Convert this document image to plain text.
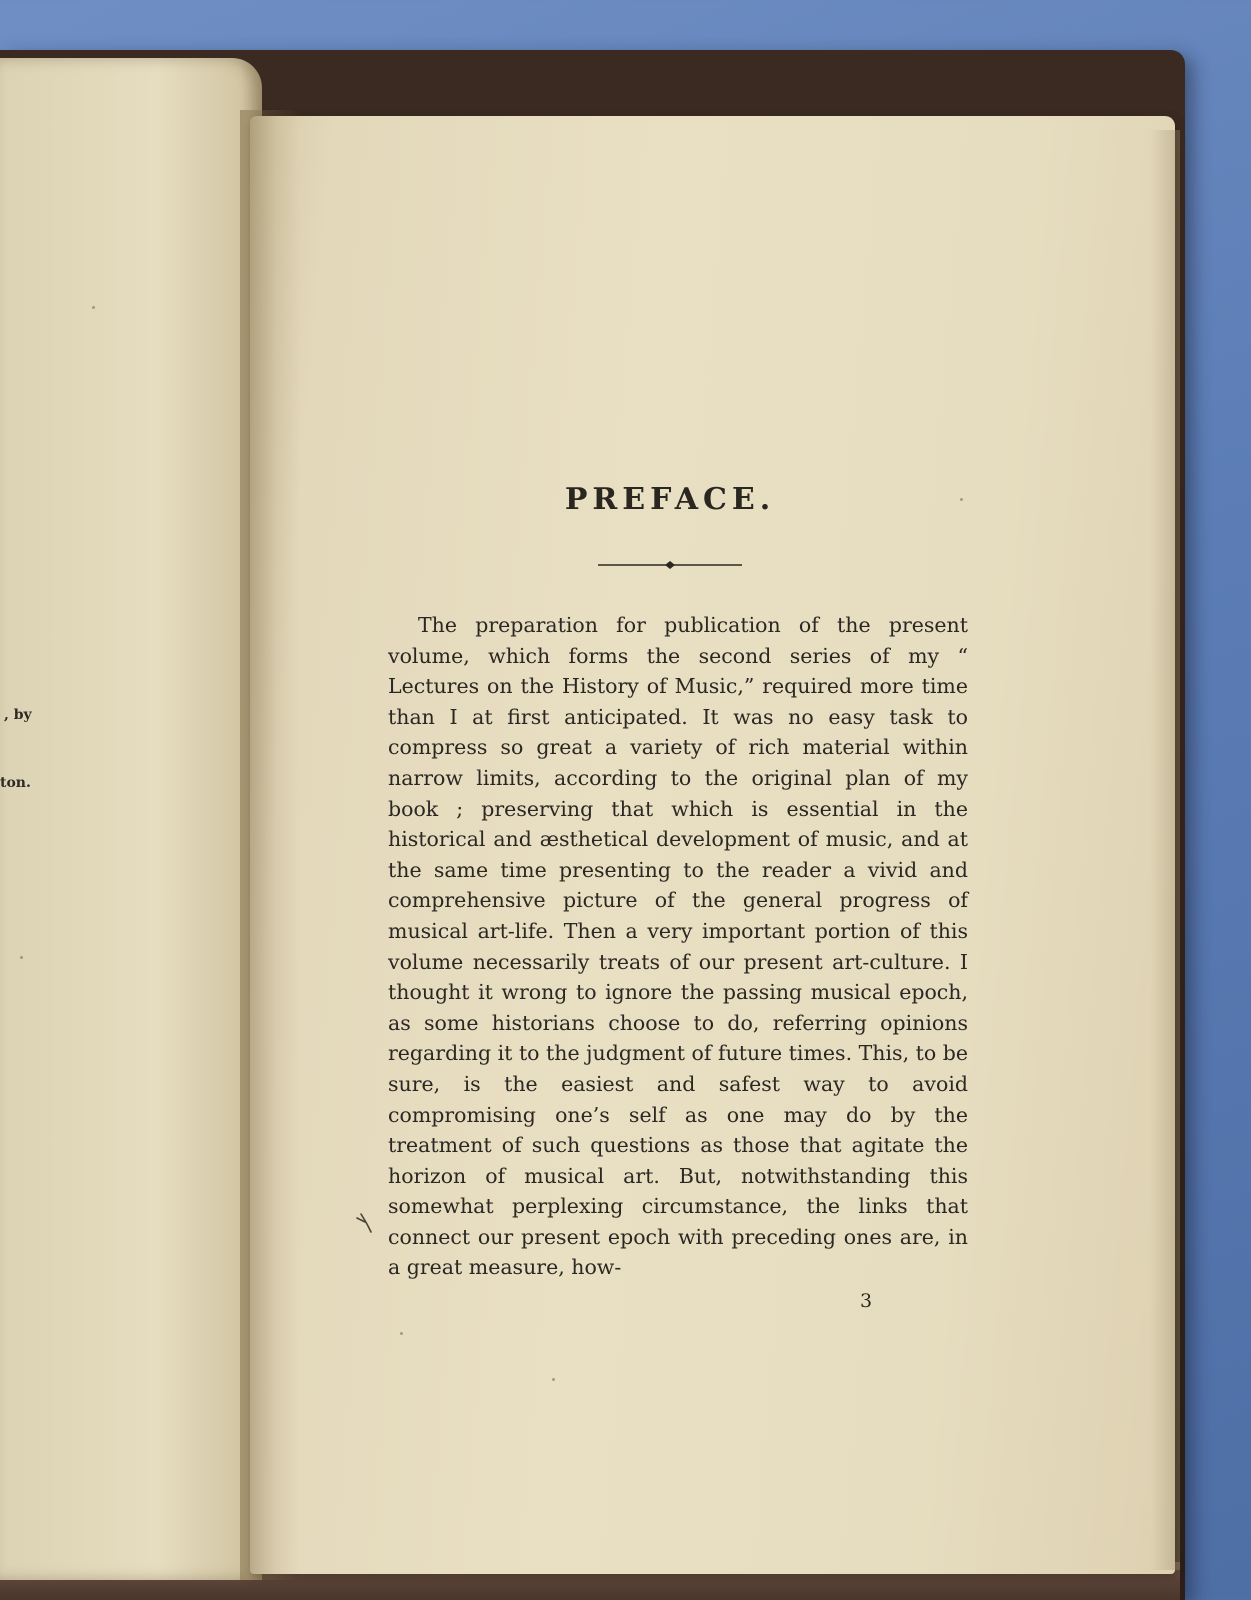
, by
ton.
PREFACE.

The preparation for publication of the present volume, which forms the second series of my “ Lectures on the History of Music,” required more time than I at first anticipated. It was no easy task to compress so great a variety of rich material within narrow limits, according to the original plan of my book ; preserving that which is essential in the historical and æsthetical development of music, and at the same time presenting to the reader a vivid and comprehensive picture of the general progress of musical art-life. Then a very important portion of this volume necessarily treats of our present art-culture. I thought it wrong to ignore the passing musical epoch, as some historians choose to do, referring opinions regarding it to the judgment of future times. This, to be sure, is the easiest and safest way to avoid compromising one’s self as one may do by the treatment of such questions as those that agitate the horizon of musical art. But, notwithstanding this somewhat perplexing circumstance, the links that connect our present epoch with preceding ones are, in a great measure, how-

3
